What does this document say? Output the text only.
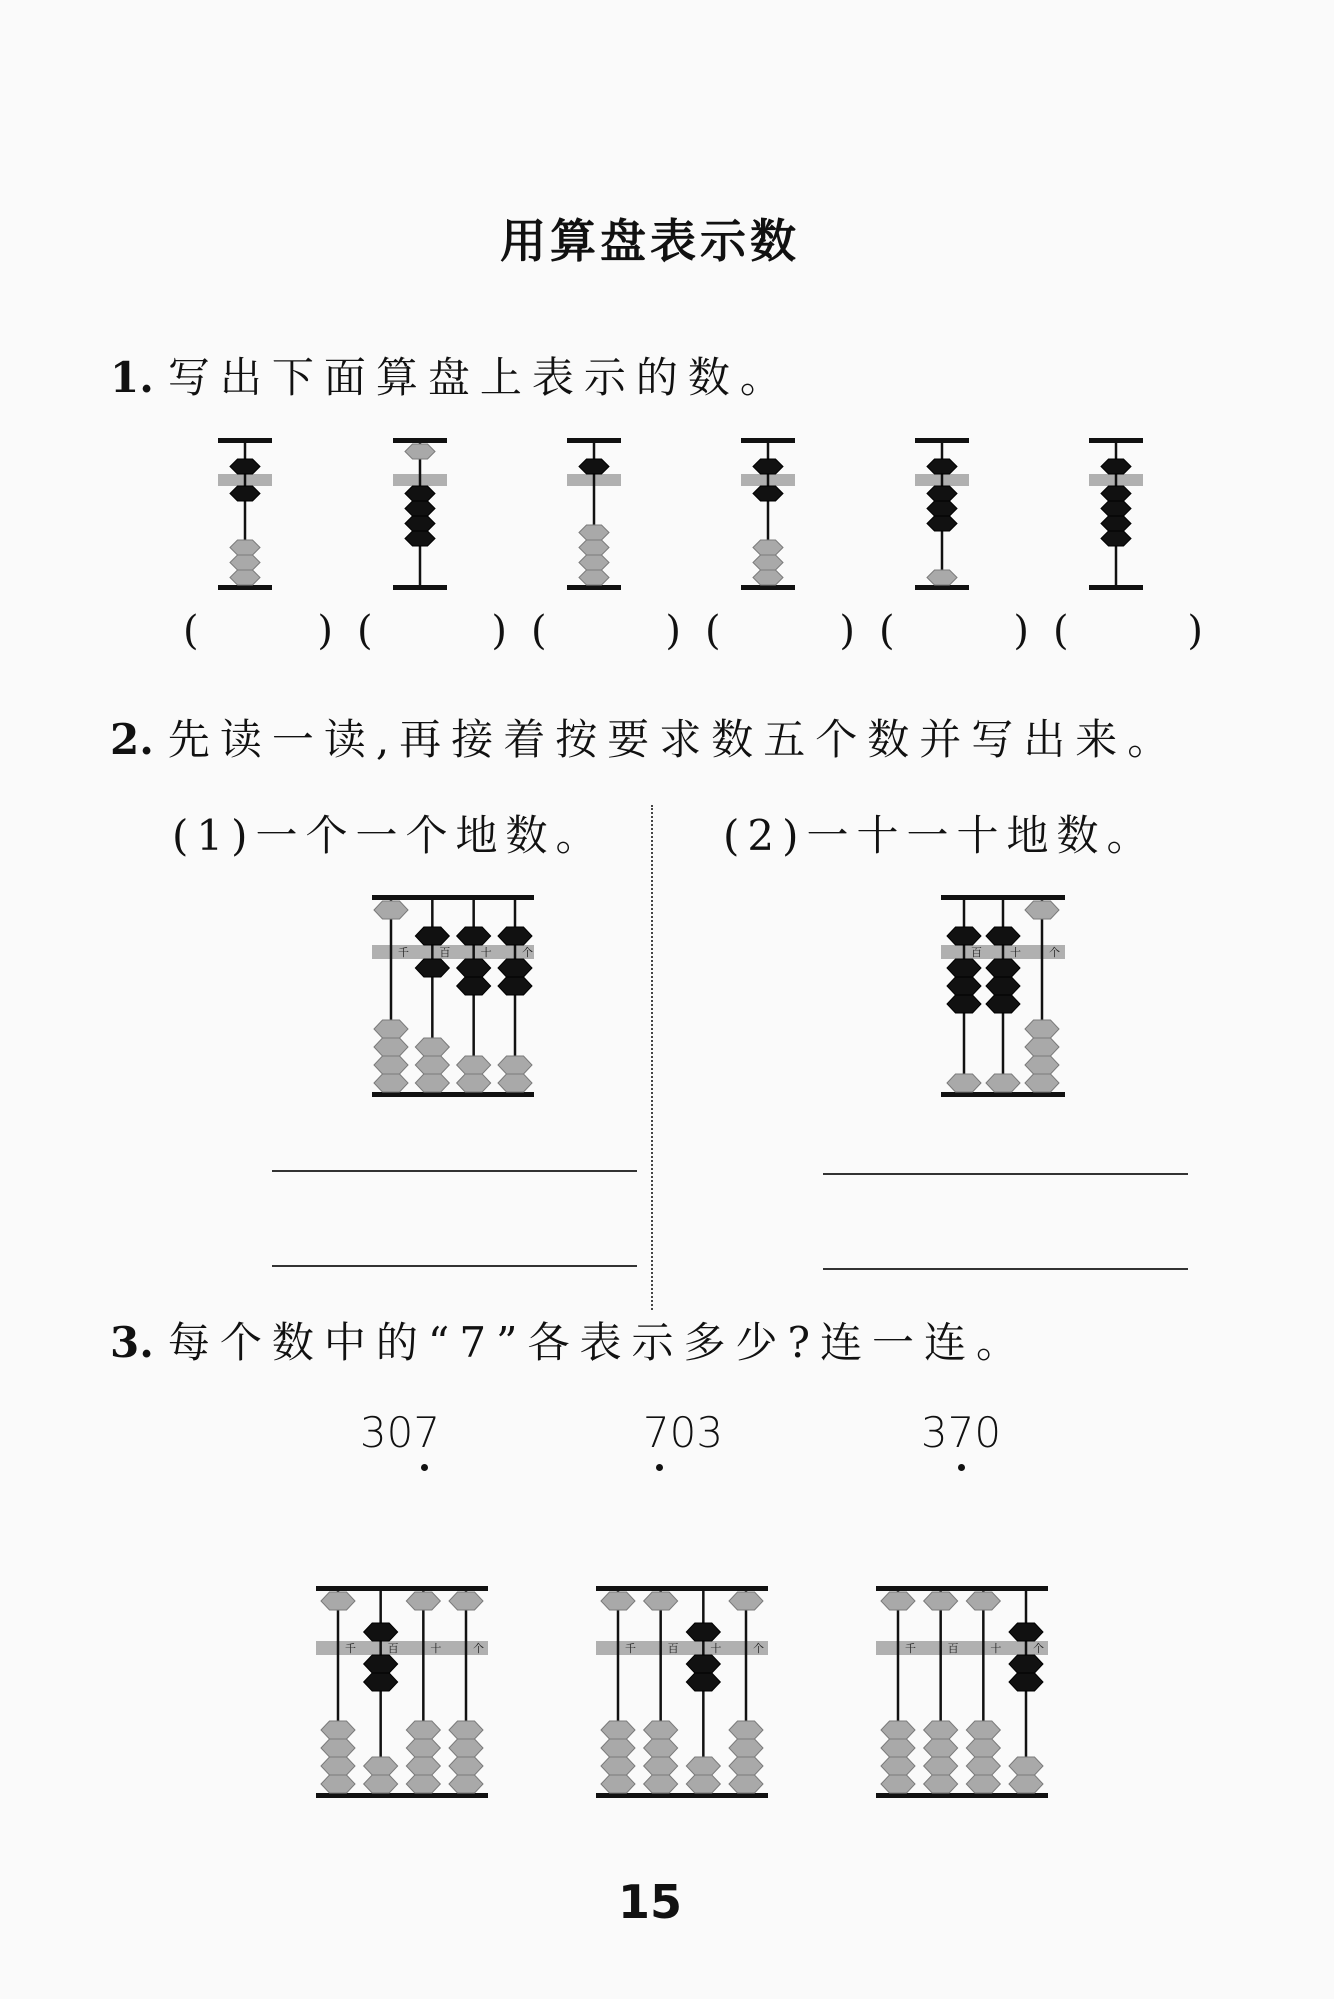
用算盘表示数
1. 写出下面算盘上表示的数。
(	) (	) (	) (	) (	) (	)
2. 先读一读,再接着按要求数五个数并写出来。
(1)一个一个地数。	(2)一十一十地数。
千	百	十	个	百	十	个
3. 每个数中的“7”各表示多少?连一连。
307	703	370
千	百	十	个	千	百	十	个	千	百	十	个
15
